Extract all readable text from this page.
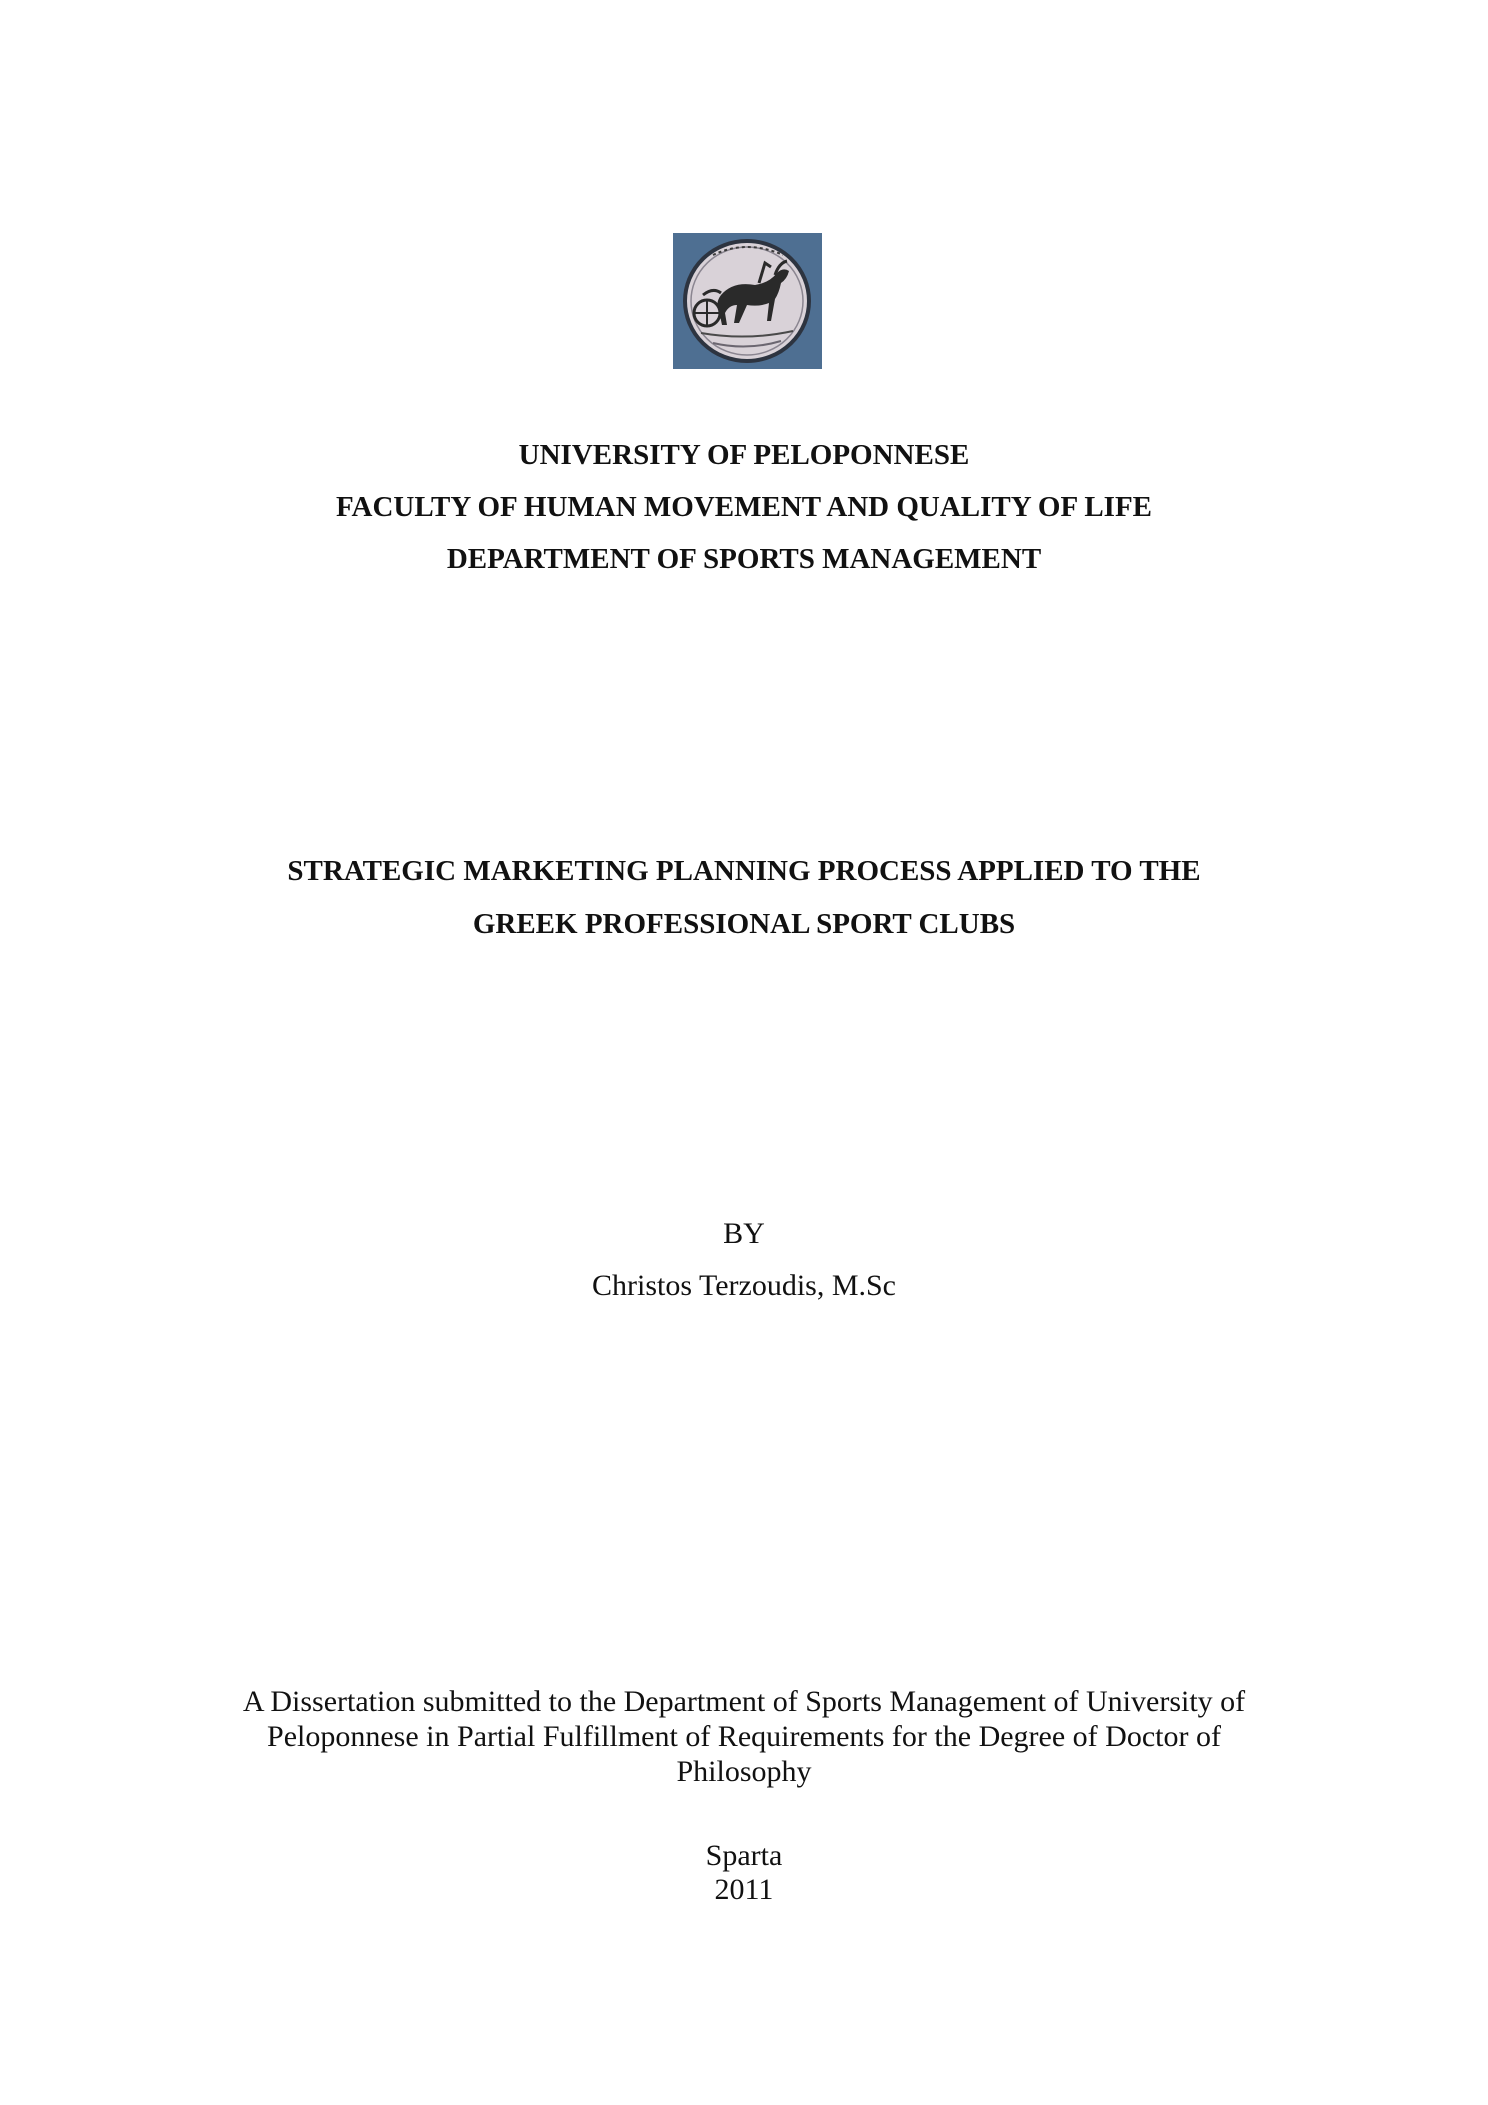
UNIVERSITY OF PELOPONNESE
FACULTY OF HUMAN MOVEMENT AND QUALITY OF LIFE
DEPARTMENT OF SPORTS MANAGEMENT
STRATEGIC MARKETING PLANNING PROCESS APPLIED TO THE
GREEK PROFESSIONAL SPORT CLUBS
BY
Christos Terzoudis, M.Sc
A Dissertation submitted to the Department of Sports Management of University of
Peloponnese in Partial Fulfillment of Requirements for the Degree of Doctor of
Philosophy
Sparta
2011
